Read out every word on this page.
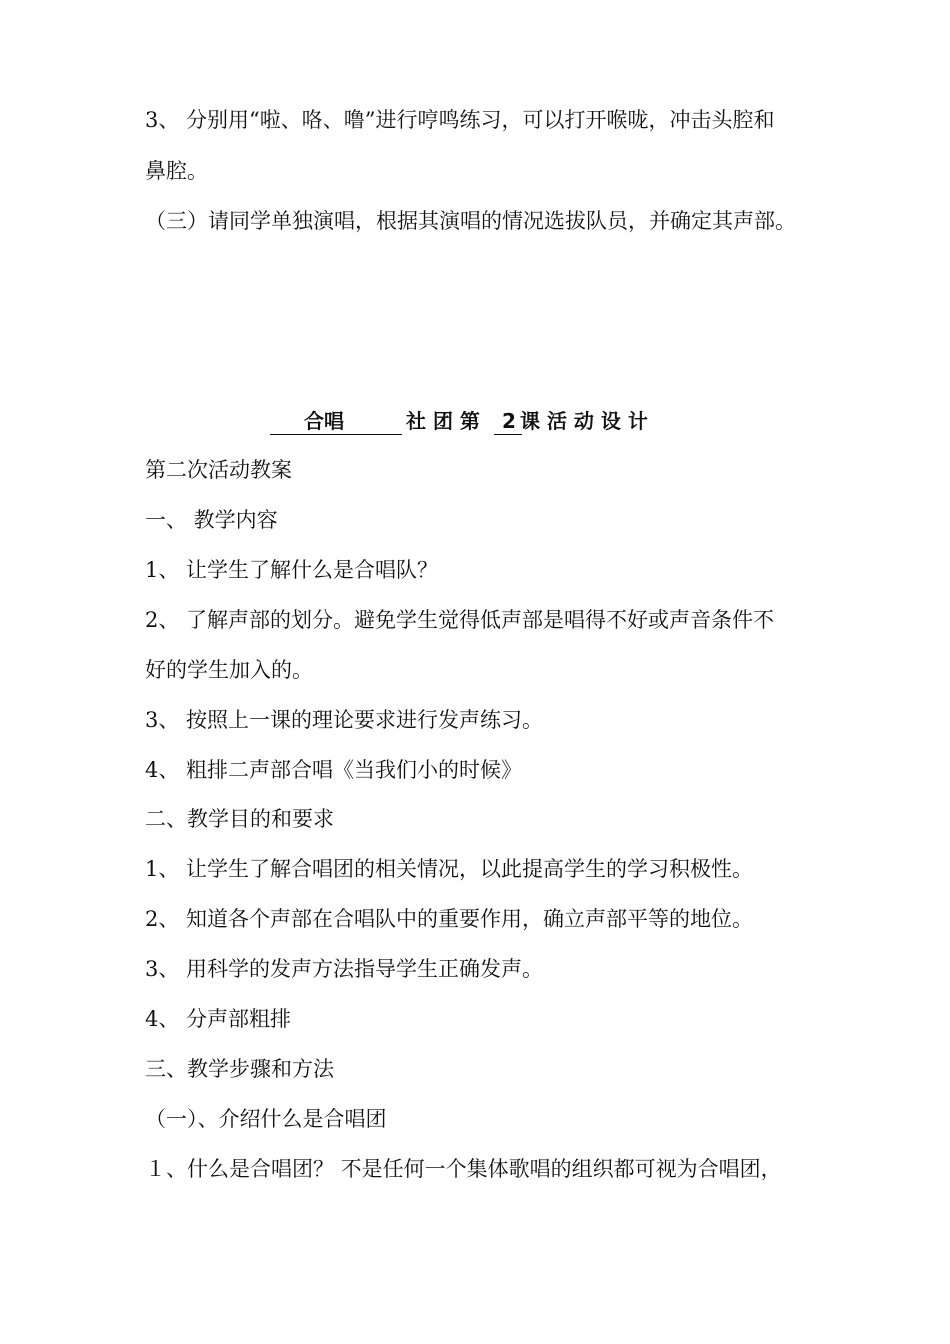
3、 分别用“啦、咯、噜”进行哼鸣练习，可以打开喉咙，冲击头腔和
鼻腔。
（三）请同学单独演唱，根据其演唱的情况选拔队员，并确定其声部。
合唱	社 团 第 2 课 活 动 设 计
第二次活动教案
一、 教学内容
1、 让学生了解什么是合唱队？
2、 了解声部的划分。避免学生觉得低声部是唱得不好或声音条件不
好的学生加入的。
3、 按照上一课的理论要求进行发声练习。
4、 粗排二声部合唱《当我们小的时候》
二、教学目的和要求
1、 让学生了解合唱团的相关情况，以此提高学生的学习积极性。
2、 知道各个声部在合唱队中的重要作用，确立声部平等的地位。
3、 用科学的发声方法指导学生正确发声。
4、 分声部粗排
三、教学步骤和方法
（一）、介绍什么是合唱团
１、什么是合唱团？ 不是任何一个集体歌唱的组织都可视为合唱团，
